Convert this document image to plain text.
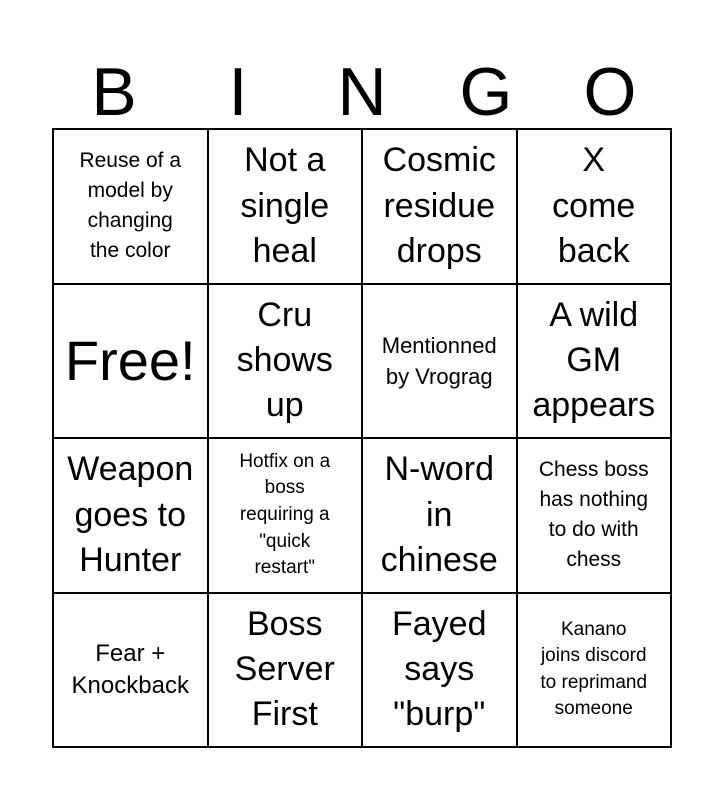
B	I	N	G	O
Reuse of a
model by
changing
the color
Not a
single
heal
Cosmic
residue
drops
X
come
back
Free!
Cru
shows
up
Mentionned
by Vrograg
A wild
GM
appears
Weapon
goes to
Hunter
Hotfix on a
boss
requiring a
"quick
restart"
N-word
in
chinese
Chess boss
has nothing
to do with
chess
Fear +
Knockback
Boss
Server
First
Fayed
says
"burp"
Kanano
joins discord
to reprimand
someone
